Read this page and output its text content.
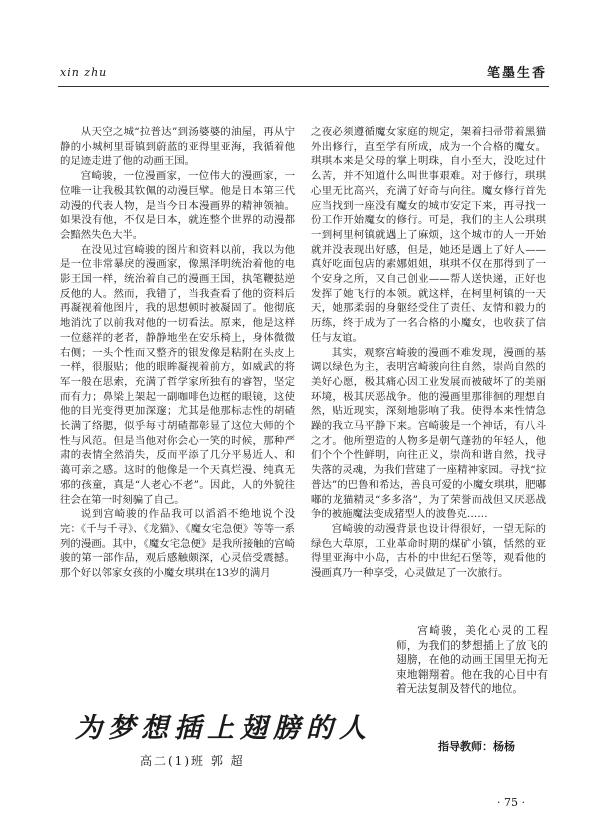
xin zhu	笔墨生香

从天空之城“拉普达”到汤婆婆的油屋，再从宁静的小城柯里哥镇到蔚蓝的亚得里亚海，我循着他的足迹走进了他的动画王国。

宫崎骏，一位漫画家，一位伟大的漫画家，一位唯一让我极其钦佩的动漫巨擘。他是日本第三代动漫的代表人物，是当今日本漫画界的精神领袖。如果没有他，不仅是日本，就连整个世界的动漫都会黯然失色大半。

在没见过宫崎骏的图片和资料以前，我以为他是一位非常暴戾的漫画家，像黑泽明统治着他的电影王国一样，统治着自己的漫画王国，执笔鞭挞逆反他的人。然而，我错了，当我查看了他的资料后再凝视着他图片，我的思想顿时被凝固了。他彻底地消沈了以前我对他的一切看法。原来，他是这样一位慈祥的老者，静静地坐在安乐椅上，身体微微右侧；一头个性而又整齐的银发像是粘附在头皮上一样，很服贴；他的眼眸凝视着前方，如威武的将军一般在思索，充满了哲学家所独有的睿智，坚定而有力；鼻梁上架起一副咖啡色边框的眼镜，这使他的目光变得更加深邃；尤其是他那标志性的胡碴长满了络腮，似乎每寸胡碴都彰显了这位大师的个性与风范。但是当他对你会心一笑的时候，那种严肃的表情全然消失，反而平添了几分平易近人、和蔼可亲之感。这时的他像是一个天真烂漫、纯真无邪的孩童，真是“人老心不老”。因此，人的外貌往往会在第一时刻骗了自己。

说到宫崎骏的作品我可以滔滔不绝地说个没完：《千与千寻》、《龙猫》、《魔女宅急便》等等一系列的漫画。其中，《魔女宅急便》是我所接触的宫崎骏的第一部作品，观后感触颇深，心灵倍受震撼。那个好以邻家女孩的小魔女琪琪在13岁的满月

之夜必须遵循魔女家庭的规定，架着扫帚带着黑猫外出修行，直至学有所成，成为一个合格的魔女。琪琪本来是父母的掌上明珠，自小至大，没吃过什么苦，并不知道什么叫世事艰难。对于修行，琪琪心里无比高兴，充满了好奇与向往。魔女修行首先应当找到一座没有魔女的城市安定下来，再寻找一份工作开始魔女的修行。可是，我们的主人公琪琪一到柯里柯镇就遇上了麻烦，这个城市的人一开始就并没表现出好感，但是，她还是遇上了好人——真好吃面包店的素娜姐姐，琪琪不仅在那得到了一个安身之所，又自己创业——帮人送快递，正好也发挥了她飞行的本领。就这样，在柯里柯镇的一天天，她那柔弱的身躯经受住了责任、友情和毅力的历练，终于成为了一名合格的小魔女，也收获了信任与友谊。

其实，观察宫崎骏的漫画不难发现，漫画的基调以绿色为主，表明宫崎骏向往自然，崇尚自然的美好心愿，极其痛心因工业发展而被破坏了的美丽环境，极其厌恶战争。他的漫画里那徘徊的理想自然，贴近现实，深刻地影响了我。使得本来性情急躁的我立马平静下来。宫崎骏是一个神话，有八斗之才。他所塑造的人物多是朝气蓬勃的年轻人，他们个个个性鲜明，向往正义，崇尚和谐自然，找寻失落的灵魂，为我们营建了一座精神家园。寻找“拉普达”的巴鲁和希达，善良可爱的小魔女琪琪，肥嘟嘟的龙猫精灵“多多洛”，为了荣誉而战但又厌恶战争的被施魔法变成猪型人的波鲁克……

宫崎骏的动漫背景也设计得很好，一望无际的绿色大草原，工业革命时期的煤矿小镇，恬然的亚得里亚海中小岛，古朴的中世纪石堡等，观看他的漫画真乃一种享受，心灵做足了一次旅行。

为梦想插上翅膀的人
高二(1)班 郭 超

宫崎骏，美化心灵的工程师，为我们的梦想插上了放飞的翅膀，在他的动画王国里无拘无束地翱翔着。他在我的心目中有着无法复制及替代的地位。

指导教师：杨杨
· 75 ·
